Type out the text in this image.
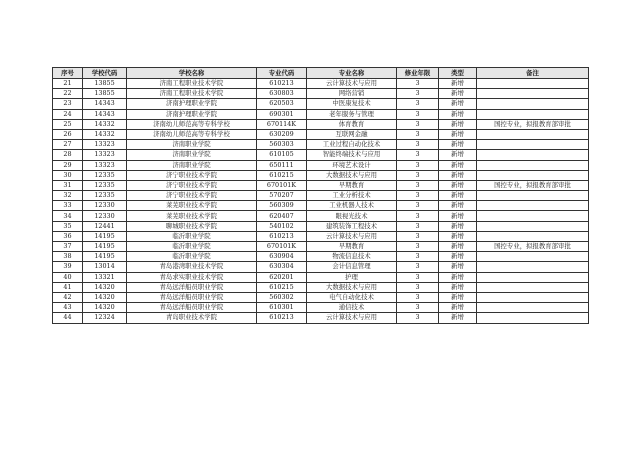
序号	学校代码	学校名称	专业代码	专业名称	修业年限	类型	备注
21	13855	济南工程职业技术学院	610213	云计算技术与应用	3	新增	
22	13855	济南工程职业技术学院	630803	网络营销	3	新增	
23	14343	济南护理职业学院	620503	中医康复技术	3	新增	
24	14343	济南护理职业学院	690301	老年服务与管理	3	新增	
25	14332	济南幼儿师范高等专科学校	670114K	体育教育	3	新增	国控专业，拟报教育部审批
26	14332	济南幼儿师范高等专科学校	630209	互联网金融	3	新增	
27	13323	济南职业学院	560303	工业过程自动化技术	3	新增	
28	13323	济南职业学院	610105	智能终端技术与应用	3	新增	
29	13323	济南职业学院	650111	环境艺术设计	3	新增	
30	12335	济宁职业技术学院	610215	大数据技术与应用	3	新增	
31	12335	济宁职业技术学院	670101K	早期教育	3	新增	国控专业，拟报教育部审批
32	12335	济宁职业技术学院	570207	工业分析技术	3	新增	
33	12330	莱芜职业技术学院	560309	工业机器人技术	3	新增	
34	12330	莱芜职业技术学院	620407	眼视光技术	3	新增	
35	12441	聊城职业技术学院	540102	建筑装饰工程技术	3	新增	
36	14195	临沂职业学院	610213	云计算技术与应用	3	新增	
37	14195	临沂职业学院	670101K	早期教育	3	新增	国控专业，拟报教育部审批
38	14195	临沂职业学院	630904	物流信息技术	3	新增	
39	13014	青岛港湾职业技术学院	630304	会计信息管理	3	新增	
40	13321	青岛求实职业技术学院	620201	护理	3	新增	
41	14320	青岛远洋船员职业学院	610215	大数据技术与应用	3	新增	
42	14320	青岛远洋船员职业学院	560302	电气自动化技术	3	新增	
43	14320	青岛远洋船员职业学院	610301	通信技术	3	新增	
44	12324	青岛职业技术学院	610213	云计算技术与应用	3	新增	
